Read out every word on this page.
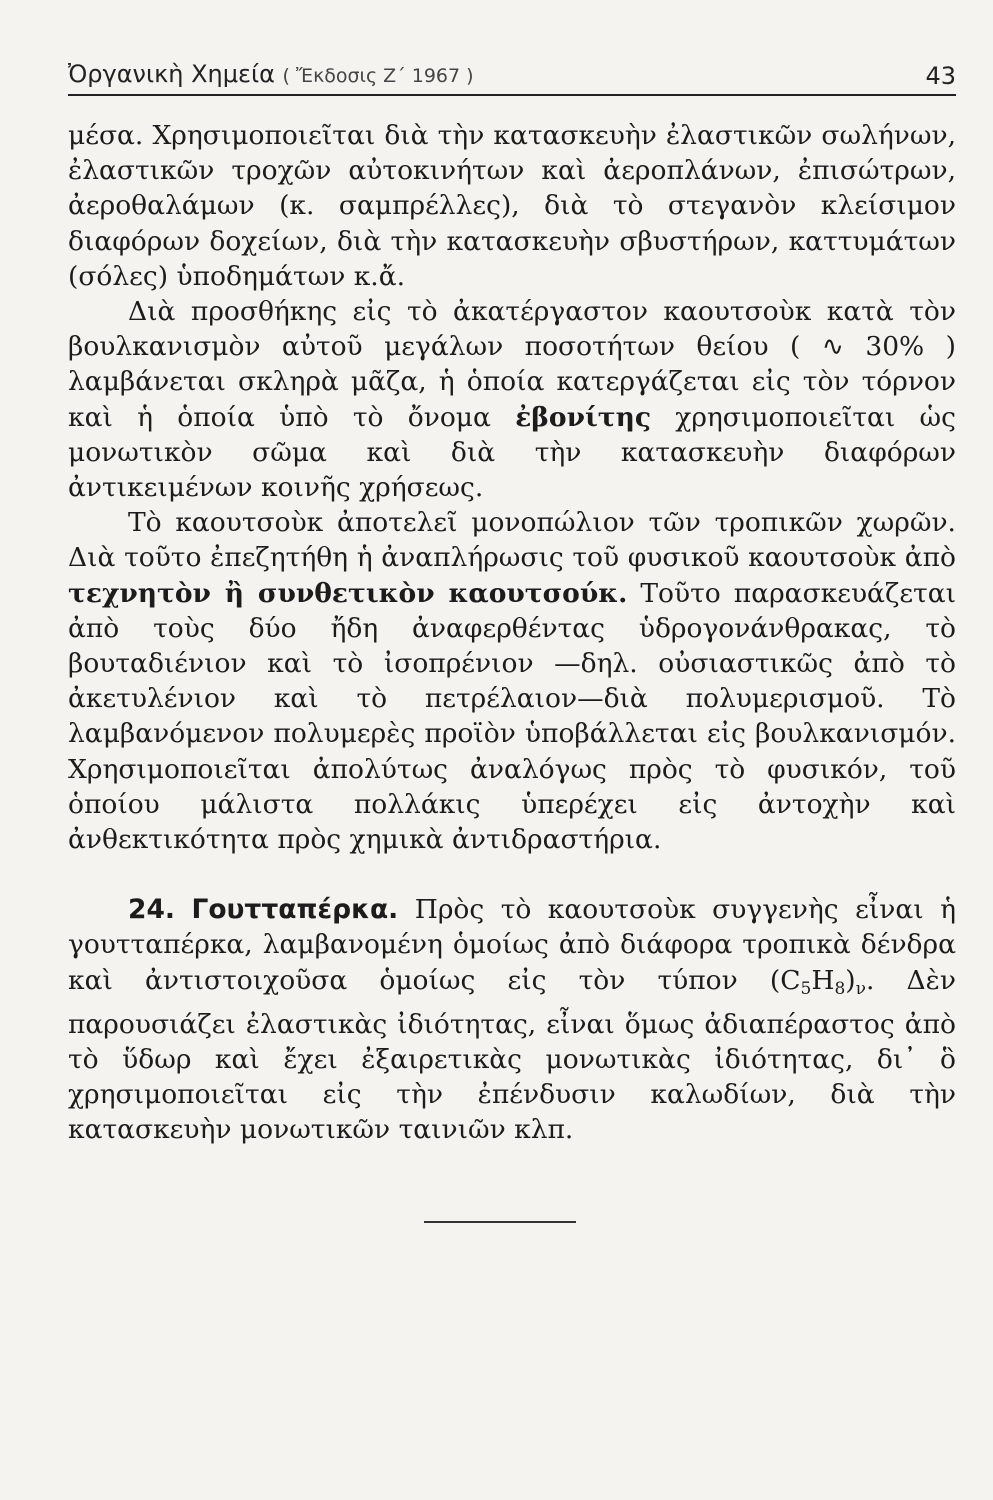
Ὀργανικὴ Χημεία ( Ἔκδοσις Ζ΄ 1967 )	43

μέσα. Χρησιμοποιεῖται διὰ τὴν κατασκευὴν ἐλαστικῶν σωλήνων, ἐλαστικῶν τροχῶν αὐτοκινήτων καὶ ἀεροπλάνων, ἐπισώτρων, ἀεροθαλάμων (κ. σαμπρέλλες), διὰ τὸ στεγανὸν κλείσιμον διαφόρων δοχείων, διὰ τὴν κατασκευὴν σβυστήρων, καττυμάτων (σόλες) ὑποδημάτων κ.ἄ.

Διὰ προσθήκης εἰς τὸ ἀκατέργαστον καουτσοὺκ κατὰ τὸν βουλκανισμὸν αὐτοῦ μεγάλων ποσοτήτων θείου ( ∿ 30% ) λαμβάνεται σκληρὰ μᾶζα, ἡ ὁποία κατεργάζεται εἰς τὸν τόρνον καὶ ἡ ὁποία ὑπὸ τὸ ὄνομα ἐβονίτης χρησιμοποιεῖται ὡς μονωτικὸν σῶμα καὶ διὰ τὴν κατασκευὴν διαφόρων ἀντικειμένων κοινῆς χρήσεως.

Τὸ καουτσοὺκ ἀποτελεῖ μονοπώλιον τῶν τροπικῶν χωρῶν. Διὰ τοῦτο ἐπεζητήθη ἡ ἀναπλήρωσις τοῦ φυσικοῦ καουτσοὺκ ἀπὸ τεχνητὸν ἢ συνθετικὸν καουτσούκ. Τοῦτο παρασκευάζεται ἀπὸ τοὺς δύο ἤδη ἀναφερθέντας ὑδρογονάνθρακας, τὸ βουταδιένιον καὶ τὸ ἰσοπρένιον —δηλ. οὐσιαστικῶς ἀπὸ τὸ ἀκετυλένιον καὶ τὸ πετρέλαιον—διὰ πολυμερισμοῦ. Τὸ λαμβανόμενον πολυμερὲς προϊὸν ὑποβάλλεται εἰς βουλκανισμόν. Χρησιμοποιεῖται ἀπολύτως ἀναλόγως πρὸς τὸ φυσικόν, τοῦ ὁποίου μάλιστα πολλάκις ὑπερέχει εἰς ἀντοχὴν καὶ ἀνθεκτικότητα πρὸς χημικὰ ἀντιδραστήρια.

24. Γουτταπέρκα. Πρὸς τὸ καουτσοὺκ συγγενὴς εἶναι ἡ γουτταπέρκα, λαμβανομένη ὁμοίως ἀπὸ διάφορα τροπικὰ δένδρα καὶ ἀντιστοιχοῦσα ὁμοίως εἰς τὸν τύπον $(C_5H_8)_\nu$. Δὲν παρουσιάζει ἐλαστικὰς ἰδιότητας, εἶναι ὅμως ἀδιαπέραστος ἀπὸ τὸ ὕδωρ καὶ ἔχει ἐξαιρετικὰς μονωτικὰς ἰδιότητας, δι᾿ ὃ χρησιμοποιεῖται εἰς τὴν ἐπένδυσιν καλωδίων, διὰ τὴν κατασκευὴν μονωτικῶν ταινιῶν κλπ.
